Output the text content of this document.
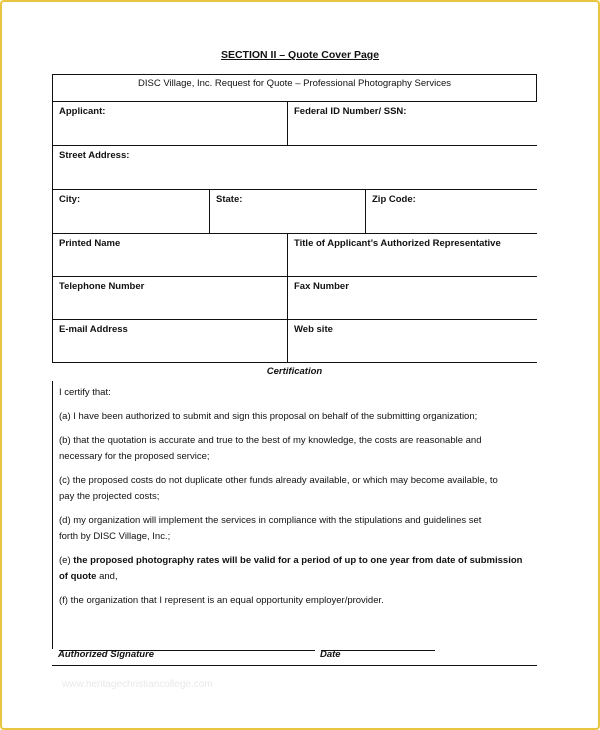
SECTION II – Quote Cover Page
DISC Village, Inc. Request for Quote – Professional Photography Services
Applicant:	Federal ID Number/ SSN:
Street Address:
City:	State:	Zip Code:
Printed Name	Title of Applicant’s Authorized Representative
Telephone Number	Fax Number
E-mail Address	Web site
Certification

I certify that:

(a) I have been authorized to submit and sign this proposal on behalf of the submitting organization;

(b) that the quotation is accurate and true to the best of my knowledge, the costs are reasonable and

necessary for the proposed service;

(c) the proposed costs do not duplicate other funds already available, or which may become available, to

pay the projected costs;

(d) my organization will implement the services in compliance with the stipulations and guidelines set

forth by DISC Village, Inc.;

(e) the proposed photography rates will be valid for a period of up to one year from date of submission

of quote and,

(f) the organization that I represent is an equal opportunity employer/provider.

Authorized Signature	Date
www.heritagechristiancollege.com
